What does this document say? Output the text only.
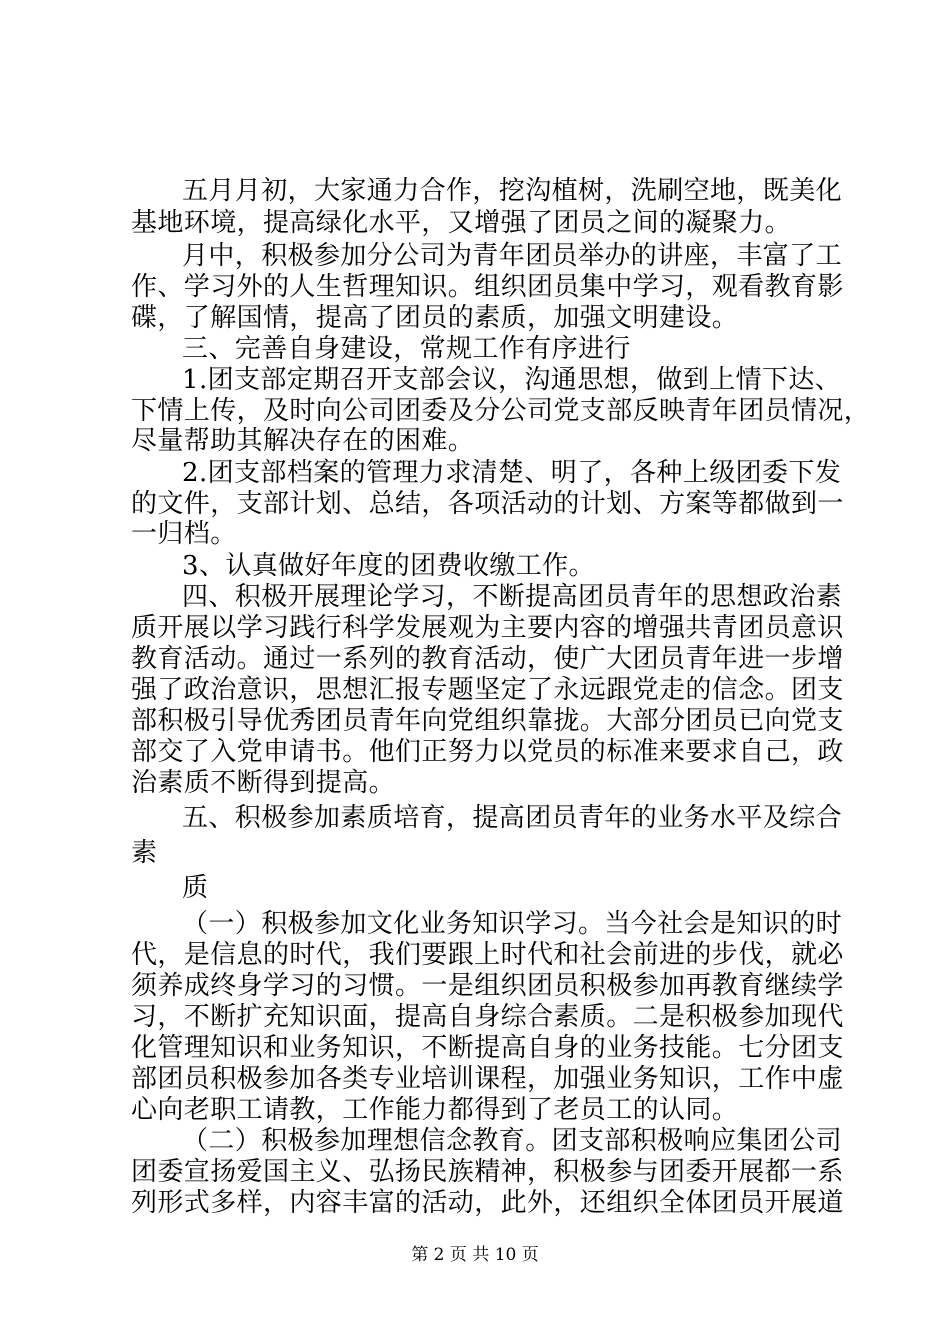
五月月初，大家通力合作，挖沟植树，洗刷空地，既美化
基地环境，提高绿化水平，又增强了团员之间的凝聚力。
月中，积极参加分公司为青年团员举办的讲座，丰富了工
作、学习外的人生哲理知识。组织团员集中学习，观看教育影
碟，了解国情，提高了团员的素质，加强文明建设。
三、完善自身建设，常规工作有序进行
1.团支部定期召开支部会议，沟通思想，做到上情下达、
下情上传，及时向公司团委及分公司党支部反映青年团员情况，
尽量帮助其解决存在的困难。
2.团支部档案的管理力求清楚、明了，各种上级团委下发
的文件，支部计划、总结，各项活动的计划、方案等都做到一
一归档。
3、认真做好年度的团费收缴工作。
四、积极开展理论学习，不断提高团员青年的思想政治素
质开展以学习践行科学发展观为主要内容的增强共青团员意识
教育活动。通过一系列的教育活动，使广大团员青年进一步增
强了政治意识，思想汇报专题坚定了永远跟党走的信念。团支
部积极引导优秀团员青年向党组织靠拢。大部分团员已向党支
部交了入党申请书。他们正努力以党员的标准来要求自己，政
治素质不断得到提高。
五、积极参加素质培育，提高团员青年的业务水平及综合
素
质
（一）积极参加文化业务知识学习。当今社会是知识的时
代，是信息的时代，我们要跟上时代和社会前进的步伐，就必
须养成终身学习的习惯。一是组织团员积极参加再教育继续学
习，不断扩充知识面，提高自身综合素质。二是积极参加现代
化管理知识和业务知识，不断提高自身的业务技能。七分团支
部团员积极参加各类专业培训课程，加强业务知识，工作中虚
心向老职工请教，工作能力都得到了老员工的认同。
（二）积极参加理想信念教育。团支部积极响应集团公司
团委宣扬爱国主义、弘扬民族精神，积极参与团委开展都一系
列形式多样，内容丰富的活动，此外，还组织全体团员开展道
第 2 页 共 10 页
